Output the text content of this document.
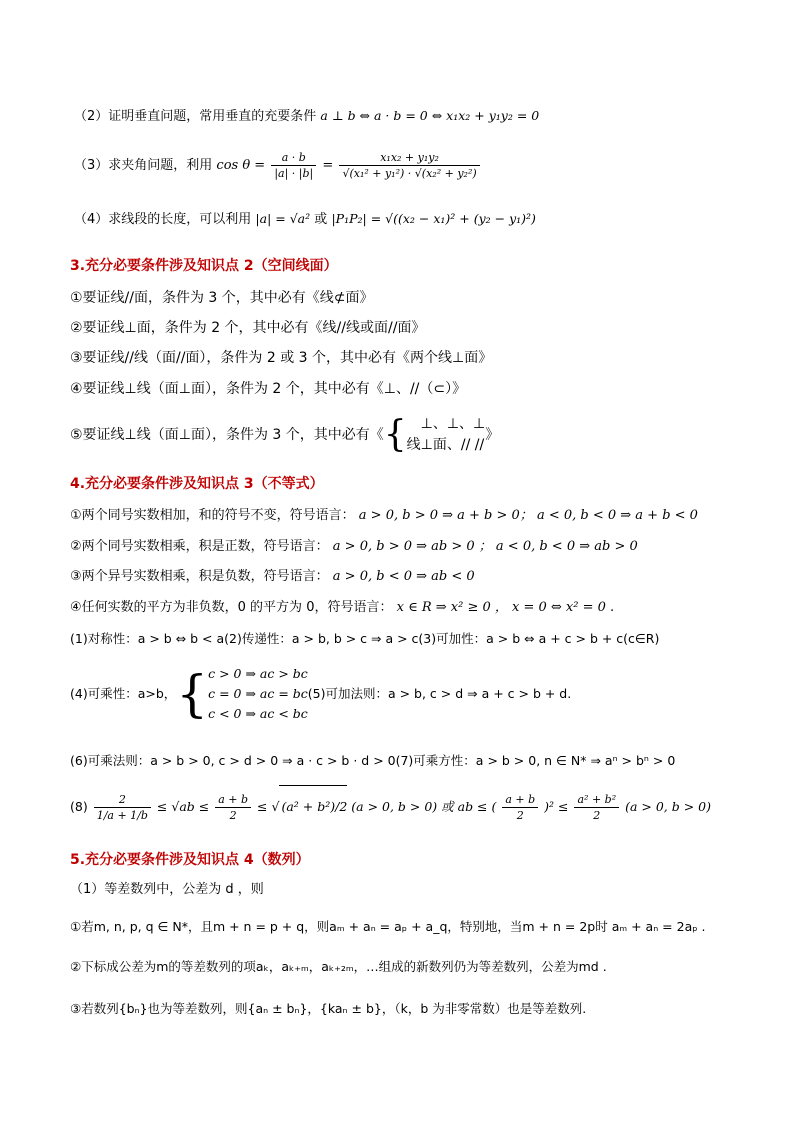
（2）证明垂直问题，常用垂直的充要条件 a ⊥ b ⇔ a · b = 0 ⇔ x₁x₂ + y₁y₂ = 0
（3）求夹角问题，利用 $\cos \theta = \frac{a \cdot b}{|a| \cdot |b|} = \frac{\text{x₁x₂ + y₁y₂}}{\text{√(x₁² + y₁²) · √(x₂² + y₂²)}}$
（4）求线段的长度，可以利用 |a| = √a² 或 |P₁P₂| = √((x₂ − x₁)² + (y₂ − y₁)²)
3.充分必要条件涉及知识点 2（空间线面）
①要证线//面，条件为 3 个，其中必有《线⊄面》
②要证线⊥面，条件为 2 个，其中必有《线//线或面//面》
③要证线//线（面//面），条件为 2 或 3 个，其中必有《两个线⊥面》
④要证线⊥线（面⊥面），条件为 2 个，其中必有《⊥、//（⊂）》
⑤要证线⊥线（面⊥面），条件为 3 个，其中必有《{	⊥、⊥、⊥
线⊥面、// //
》
4.充分必要条件涉及知识点 3（不等式）
①两个同号实数相加，和的符号不变，符号语言： a > 0, b > 0 ⇒ a + b > 0； a < 0, b < 0 ⇒ a + b < 0
②两个同号实数相乘，积是正数，符号语言： a > 0, b > 0 ⇒ ab > 0 ； a < 0, b < 0 ⇒ ab > 0
③两个异号实数相乘，积是负数，符号语言： a > 0, b < 0 ⇒ ab < 0
④任何实数的平方为非负数，0 的平方为 0，符号语言： x ∈ R ⇒ x² ≥ 0 ， x = 0 ⇔ x² = 0 .
(1)对称性：a > b ⇔ b < a(2)传递性：a > b, b > c ⇒ a > c(3)可加性：a > b ⇔ a + c > b + c(c∈R)
(4)可乘性：a>b，{ c > 0 ⇒ ac > bc
c = 0 ⇒ ac = bc
c < 0 ⇒ ac < bc
(5)可加法则：a > b, c > d ⇒ a + c > b + d.
(6)可乘法则：a > b > 0, c > d > 0 ⇒ a · c > b · d > 0(7)可乘方性：a > b > 0, n ∈ N* ⇒ aⁿ > bⁿ > 0
$(8) \frac{2}{1/a + 1/b} \le √ab \le \frac{a + b}{2}$ ≤ √ (a² + b²)/2 (a > 0, b > 0) 或 ab ≤ ( $\frac{a + b}{2} )^2 \le \frac{\text{a² + b²}}{2} (a > 0$, b > 0)
5.充分必要条件涉及知识点 4（数列）
（1）等差数列中，公差为 d ，则
①若m, n, p, q ∈ N*，且m + n = p + q，则aₘ + aₙ = aₚ + a_q，特别地，当m + n = 2p时 aₘ + aₙ = 2aₚ .
②下标成公差为m的等差数列的项aₖ，aₖ₊ₘ，aₖ₊₂ₘ，…组成的新数列仍为等差数列，公差为md .
③若数列{bₙ}也为等差数列，则{aₙ ± bₙ}，{kaₙ ± b}，（k，b 为非零常数）也是等差数列.
